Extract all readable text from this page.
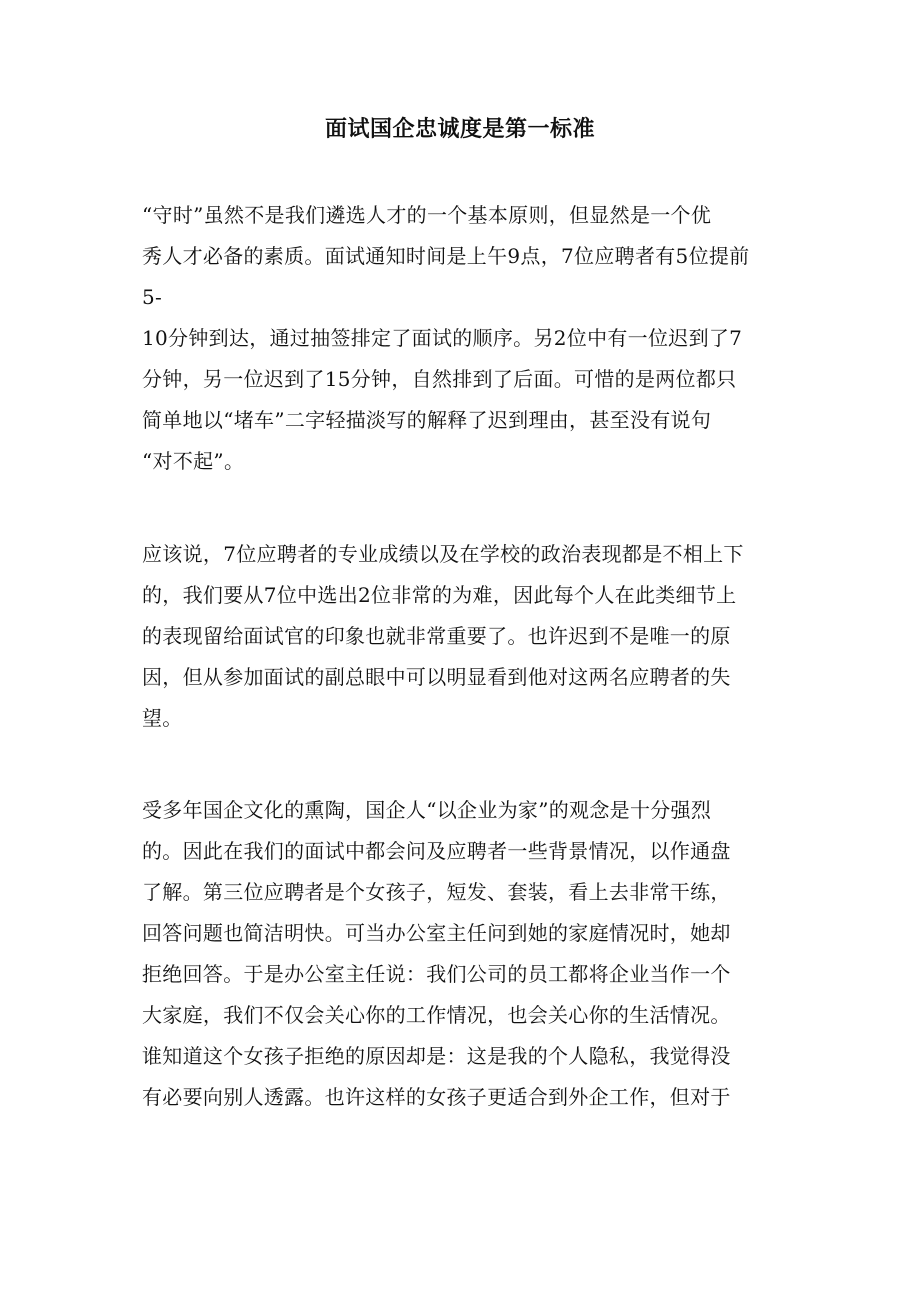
面试国企忠诚度是第一标准
“守时”虽然不是我们遴选人才的一个基本原则，但显然是一个优
秀人才必备的素质。面试通知时间是上午9点，7位应聘者有5位提前
5-
10分钟到达，通过抽签排定了面试的顺序。另2位中有一位迟到了7
分钟，另一位迟到了15分钟，自然排到了后面。可惜的是两位都只
简单地以“堵车”二字轻描淡写的解释了迟到理由，甚至没有说句
“对不起”。
应该说，7位应聘者的专业成绩以及在学校的政治表现都是不相上下
的，我们要从7位中选出2位非常的为难，因此每个人在此类细节上
的表现留给面试官的印象也就非常重要了。也许迟到不是唯一的原
因，但从参加面试的副总眼中可以明显看到他对这两名应聘者的失
望。
受多年国企文化的熏陶，国企人“以企业为家”的观念是十分强烈
的。因此在我们的面试中都会问及应聘者一些背景情况，以作通盘
了解。第三位应聘者是个女孩子，短发、套装，看上去非常干练，
回答问题也简洁明快。可当办公室主任问到她的家庭情况时，她却
拒绝回答。于是办公室主任说：我们公司的员工都将企业当作一个
大家庭，我们不仅会关心你的工作情况，也会关心你的生活情况。
谁知道这个女孩子拒绝的原因却是：这是我的个人隐私，我觉得没
有必要向别人透露。也许这样的女孩子更适合到外企工作，但对于
